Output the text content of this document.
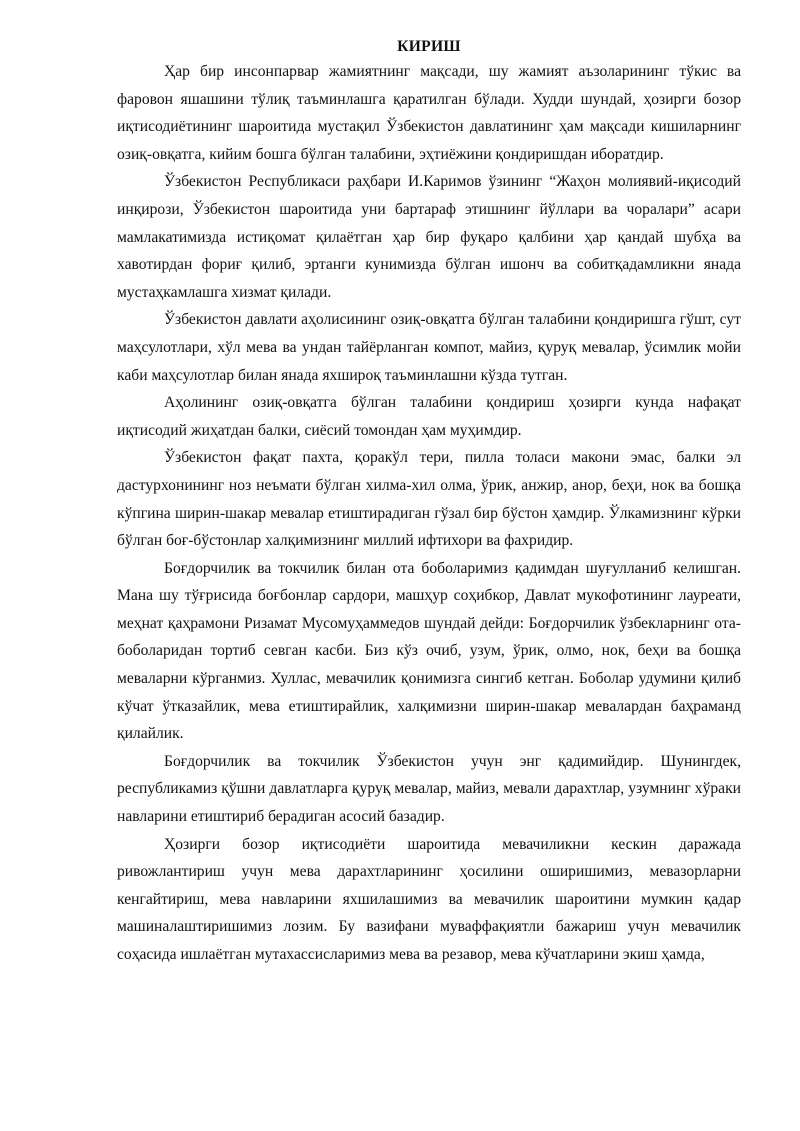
КИРИШ

Ҳар бир инсонпарвар жамиятнинг мақсади, шу жамият аъзоларининг тўкис ва фаровон яшашини тўлиқ таъминлашга қаратилган бўлади. Худди шундай, ҳозирги бозор иқтисодиётининг шароитида мустақил Ўзбекистон давлатининг ҳам мақсади кишиларнинг озиқ-овқатга, кийим бошга бўлган талабини, эҳтиёжини қондиришдан иборатдир.

Ўзбекистон Республикаси раҳбари И.Каримов ўзининг “Жаҳон молиявий-иқисодий инқирози, Ўзбекистон шароитида уни бартараф этишнинг йўллари ва чоралари” асари мамлакатимизда истиқомат қилаётган ҳар бир фуқаро қалбини ҳар қандай шубҳа ва хавотирдан фориғ қилиб, эртанги кунимизда бўлган ишонч ва собитқадамликни янада мустаҳкамлашга хизмат қилади.

Ўзбекистон давлати аҳолисининг озиқ-овқатга бўлган талабини қондиришга гўшт, сут маҳсулотлари, хўл мева ва ундан тайёрланган компот, майиз, қуруқ мевалар, ўсимлик мойи каби маҳсулотлар билан янада яхшироқ таъминлашни кўзда тутган.

Аҳолининг озиқ-овқатга бўлган талабини қондириш ҳозирги кунда нафақат иқтисодий жиҳатдан балки, сиёсий томондан ҳам муҳимдир.

Ўзбекистон фақат пахта, қоракўл тери, пилла толаси макони эмас, балки эл дастурхонининг ноз неъмати бўлган хилма-хил олма, ўрик, анжир, анор, беҳи, нок ва бошқа кўпгина ширин-шакар мевалар етиштирадиган гўзал бир бўстон ҳамдир. Ўлкамизнинг кўрки бўлган боғ-бўстонлар халқимизнинг миллий ифтихори ва фахридир.

Боғдорчилик ва токчилик билан ота боболаримиз қадимдан шуғулланиб келишган. Мана шу тўғрисида боғбонлар сардори, машҳур соҳибкор, Давлат мукофотининг лауреати, меҳнат қаҳрамони Ризамат Мусомуҳаммедов шундай дейди: Боғдорчилик ўзбекларнинг ота-боболаридан тортиб севган касби. Биз кўз очиб, узум, ўрик, олмо, нок, беҳи ва бошқа меваларни кўрганмиз. Хуллас, мевачилик қонимизга сингиб кетган. Боболар удумини қилиб кўчат ўтказайлик, мева етиштирайлик, халқимизни ширин-шакар мевалардан баҳраманд қилайлик.

Боғдорчилик ва токчилик Ўзбекистон учун энг қадимийдир. Шунингдек, республикамиз қўшни давлатларга қуруқ мевалар, майиз, мевали дарахтлар, узумнинг хўраки навларини етиштириб берадиган асосий базадир.

Ҳозирги бозор иқтисодиёти шароитида мевачиликни кескин даражада ривожлантириш учун мева дарахтларининг ҳосилини оширишимиз, мевазорларни кенгайтириш, мева навларини яхшилашимиз ва мевачилик шароитини мумкин қадар машиналаштиришимиз лозим. Бу вазифани муваффақиятли бажариш учун мевачилик соҳасида ишлаётган мутахассисларимиз мева ва резавор, мева кўчатларини экиш ҳамда,
